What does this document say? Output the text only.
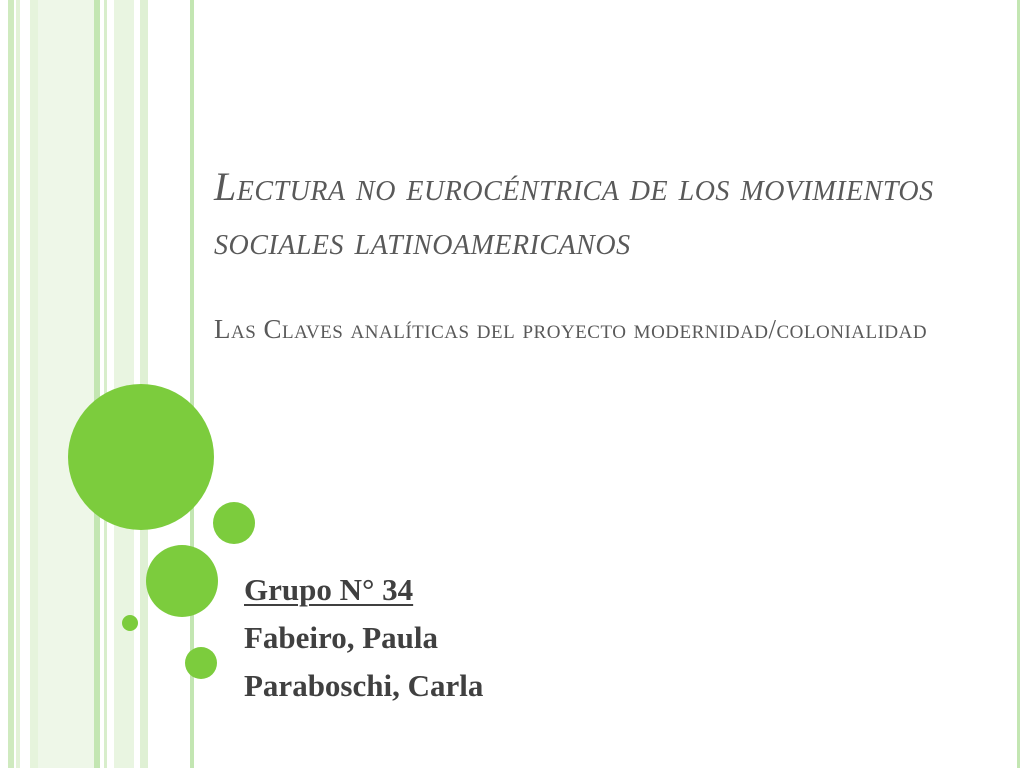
Lectura no eurocéntrica de los movimientos sociales latinoamericanos

Las Claves analíticas del proyecto modernidad/colonialidad

Grupo N° 34
Fabeiro, Paula
Paraboschi, Carla
